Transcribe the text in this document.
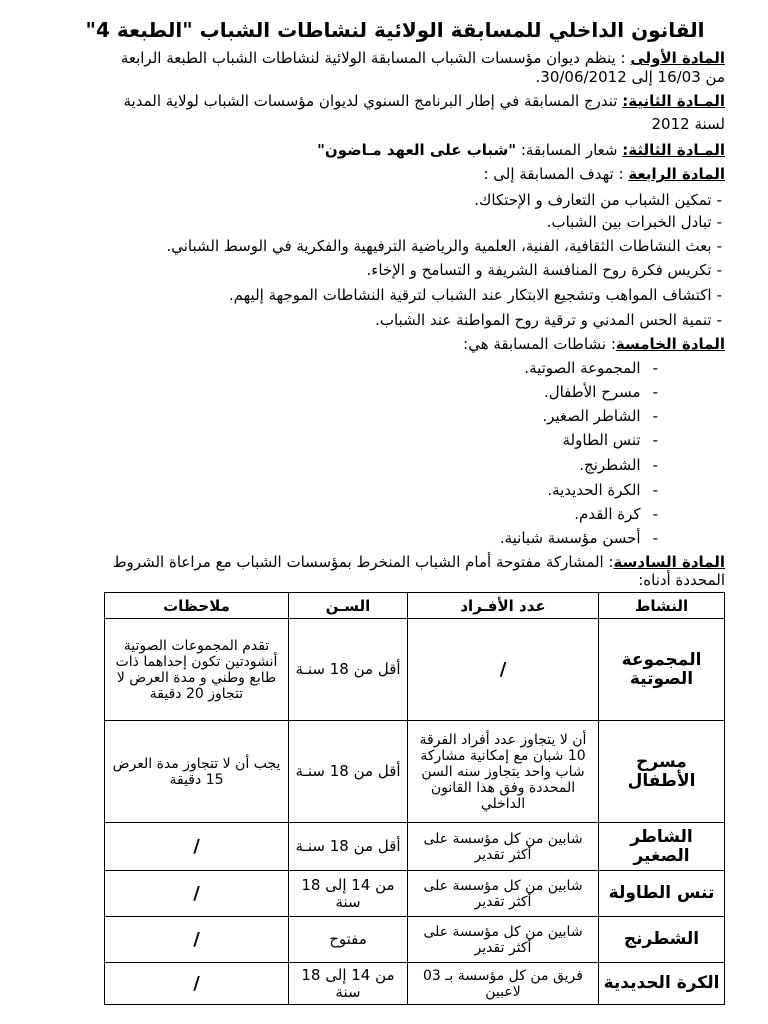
القانون الداخلي للمسابقة الولائية لنشاطات الشباب "الطبعة 4"
المادة الأولى : ينظم ديوان مؤسسات الشباب المسابقة الولائية لنشاطات الشباب الطبعة الرابعة
من 16/03 إلى 30/06/2012.
المـادة الثانية: تندرج المسابقة في إطار البرنامج السنوي لديوان مؤسسات الشباب لولاية المدية
لسنة 2012
المـادة الثالثة: شعار المسابقة: "شباب على العهد مـاضون"
المادة الرابعة : تهدف المسابقة إلى :
-تمكين الشباب من التعارف و الإحتكاك.
-تبادل الخبرات بين الشباب.
-بعث النشاطات الثقافية، الفنية، العلمية والرياضية الترفيهية والفكرية في الوسط الشباني.
-تكريس فكرة روح المنافسة الشريفة و التسامح و الإخاء.
-اكتشاف المواهب وتشجيع الابتكار عند الشباب لترقية النشاطات الموجهة إليهم.
-تنمية الحس المدني و ترقية روح المواطنة عند الشباب.
المادة الخامسة: نشاطات المسابقة هي:
-المجموعة الصوتية.
-مسرح الأطفال.
-الشاطر الصغير.
-تنس الطاولة
-الشطرنج.
-الكرة الحديدية.
-كرة القدم.
-أحسن مؤسسة شبانية.
المادة السادسة: المشاركة مفتوحة أمام الشباب المنخرط بمؤسسات الشباب مع مراعاة الشروط
المحددة أدناه:
النشاط	عدد الأفـراد	السـن	ملاحظات
المجموعة الصوتية	/	أقل من 18 سنـة	تقدم المجموعات الصوتية أنشودتين تكون إحداهما ذات طابع وطني و مدة العرض لا تتجاوز 20 دقيقة
مسرح الأطفال	أن لا يتجاوز عدد أفراد الفرقة 10 شبان مع إمكانية مشاركة شاب واحد يتجاوز سنه السن المحددة وفق هذا القانون الداخلي	أقل من 18 سنـة	يجب أن لا تتجاوز مدة العرض 15 دقيقة
الشاطر الصغير	شابين من كل مؤسسة على أكثر تقدير	أقل من 18 سنـة	/
تنس الطاولة	شابين من كل مؤسسة على أكثر تقدير	من 14 إلى 18 سنة	/
الشطرنج	شابين من كل مؤسسة على أكثر تقدير	مفتوح	/
الكرة الحديدية	فريق من كل مؤسسة بـ 03 لاعبين	من 14 إلى 18 سنة	/
